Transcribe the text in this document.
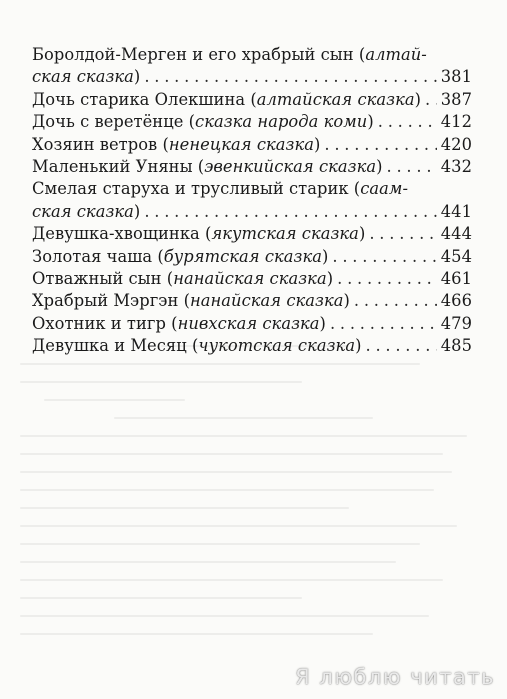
Боролдой-Мерген и его храбрый сын (алтай-
ская сказка) . . .	381
Дочь старика Олекшина (алтайская сказка) . . . 387
Дочь с веретёнце (сказка народа коми) . . .	412
Хозяин ветров (ненецкая сказка) . . .	420
Маленький Уняны (эвенкийская сказка) . . .	432
Смелая старуха и трусливый старик (саам-
ская сказка) . . .	441
Девушка-хвощинка (якутская сказка) . . .	444
Золотая чаша (бурятская сказка) . . .	454
Отважный сын (нанайская сказка) . . .	461
Храбрый Мэргэн (нанайская сказка) . . .	466
Охотник и тигр (нивхская сказка) . . .	479
Девушка и Месяц (чукотская сказка) . . .	485
Я люблю читать
